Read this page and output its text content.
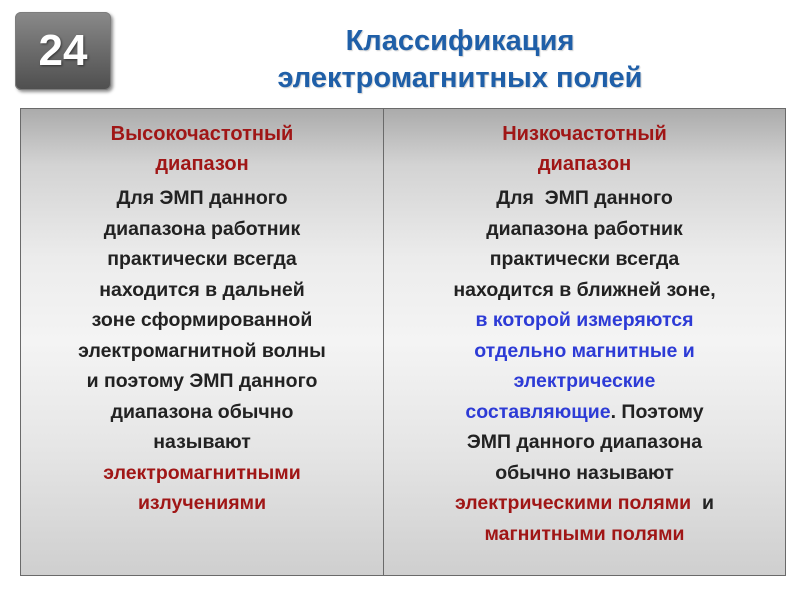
24	Классификация
электромагнитных полей
Высокочастотный
диапазон
Для ЭМП данного
диапазона работник
практически всегда
находится в дальней
зоне сформированной
электромагнитной волны
и поэтому ЭМП данного
диапазона обычно
называют
электромагнитными
излучениями
Низкочастотный
диапазон
Для  ЭМП данного
диапазона работник
практически всегда
находится в ближней зоне,
в которой измеряются
отдельно магнитные и
электрические
составляющие. Поэтому
ЭМП данного диапазона
обычно называют
электрическими полями  и
магнитными полями
